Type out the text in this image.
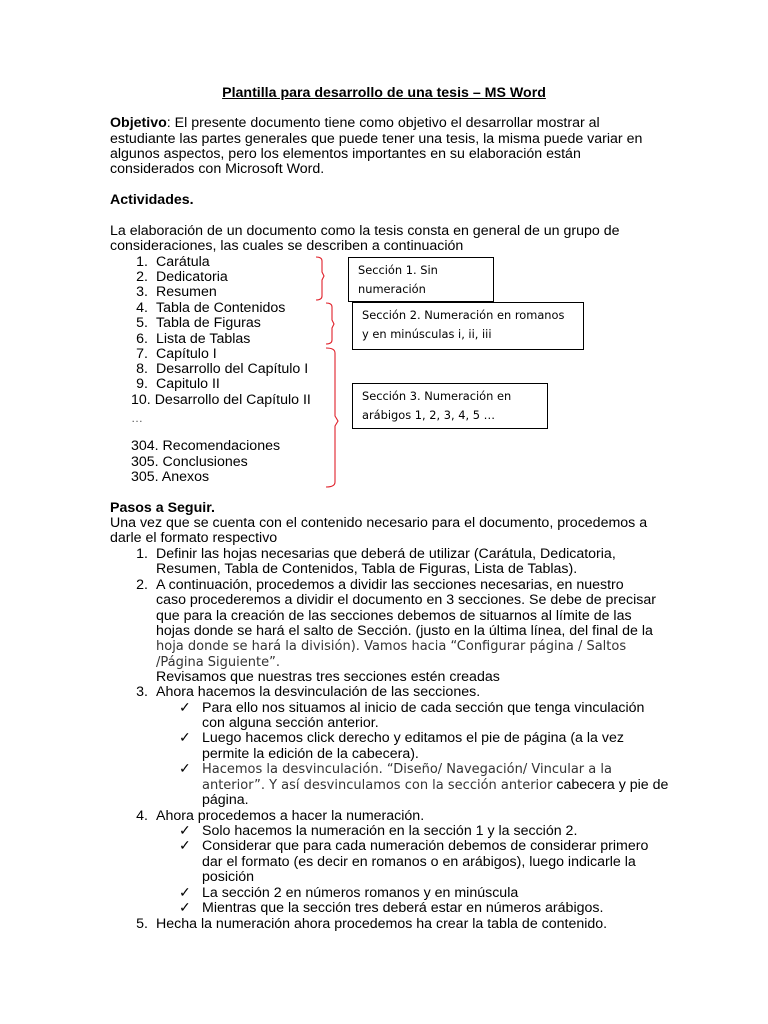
Plantilla para desarrollo de una tesis – MS Word
Objetivo: El presente documento tiene como objetivo el desarrollar mostrar al
estudiante las partes generales que puede tener una tesis, la misma puede variar en
algunos aspectos, pero los elementos importantes en su elaboración están
considerados con Microsoft Word.
Actividades.
La elaboración de un documento como la tesis consta en general de un grupo de
consideraciones, las cuales se describen a continuación
1. Carátula
2. Dedicatoria
3. Resumen
4. Tabla de Contenidos
5. Tabla de Figuras
6. Lista de Tablas
7. Capítulo I
8. Desarrollo del Capítulo I
9. Capitulo II
10. Desarrollo del Capítulo II
…
304. Recomendaciones
305. Conclusiones
305. Anexos
Sección 1. Sin
numeración
Sección 2. Numeración en romanos
y en minúsculas i, ii, iii
Sección 3. Numeración en
arábigos 1, 2, 3, 4, 5 …
Pasos a Seguir.
Una vez que se cuenta con el contenido necesario para el documento, procedemos a
darle el formato respectivo
1. Definir las hojas necesarias que deberá de utilizar (Carátula, Dedicatoria,
Resumen, Tabla de Contenidos, Tabla de Figuras, Lista de Tablas).
2. A continuación, procedemos a dividir las secciones necesarias, en nuestro
caso procederemos a dividir el documento en 3 secciones. Se debe de precisar
que para la creación de las secciones debemos de situarnos al límite de las
hojas donde se hará el salto de Sección. (justo en la última línea, del final de la
hoja donde se hará la división). Vamos hacia “Configurar página / Saltos
/Página Siguiente”.
Revisamos que nuestras tres secciones estén creadas
3. Ahora hacemos la desvinculación de las secciones.
✓ Para ello nos situamos al inicio de cada sección que tenga vinculación
con alguna sección anterior.
✓ Luego hacemos click derecho y editamos el pie de página (a la vez
permite la edición de la cabecera).
✓ Hacemos la desvinculación. “Diseño/ Navegación/ Vincular a la
anterior”. Y así desvinculamos con la sección anterior cabecera y pie de
página.
4. Ahora procedemos a hacer la numeración.
✓ Solo hacemos la numeración en la sección 1 y la sección 2.
✓ Considerar que para cada numeración debemos de considerar primero
dar el formato (es decir en romanos o en arábigos), luego indicarle la
posición
✓ La sección 2 en números romanos y en minúscula
✓ Mientras que la sección tres deberá estar en números arábigos.
5. Hecha la numeración ahora procedemos ha crear la tabla de contenido.
